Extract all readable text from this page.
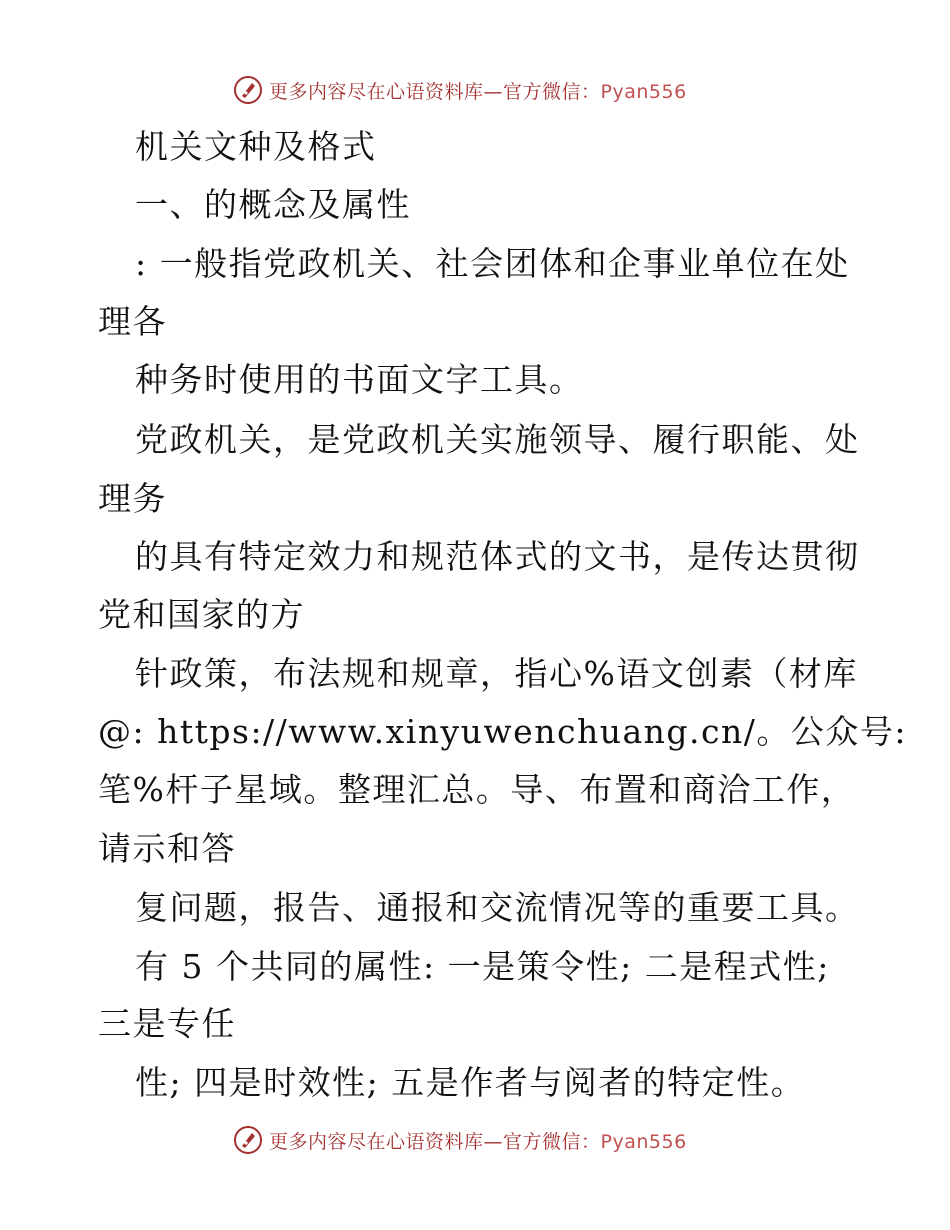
更多内容尽在心语资料库—官方微信：Pyan556
机关文种及格式
一、的概念及属性
: 一般指党政机关、社会团体和企事业单位在处
理各
种务时使用的书面文字工具。
党政机关，是党政机关实施领导、履行职能、处
理务
的具有特定效力和规范体式的文书，是传达贯彻
党和国家的方
针政策，布法规和规章，指心%语文创素（材库
@: https://www.xinyuwenchuang.cn/。公众号:
笔%杆子星域。整理汇总。导、布置和商洽工作，
请示和答
复问题，报告、通报和交流情况等的重要工具。
有 5 个共同的属性: 一是策令性; 二是程式性;
三是专任
性; 四是时效性; 五是作者与阅者的特定性。
更多内容尽在心语资料库—官方微信：Pyan556
